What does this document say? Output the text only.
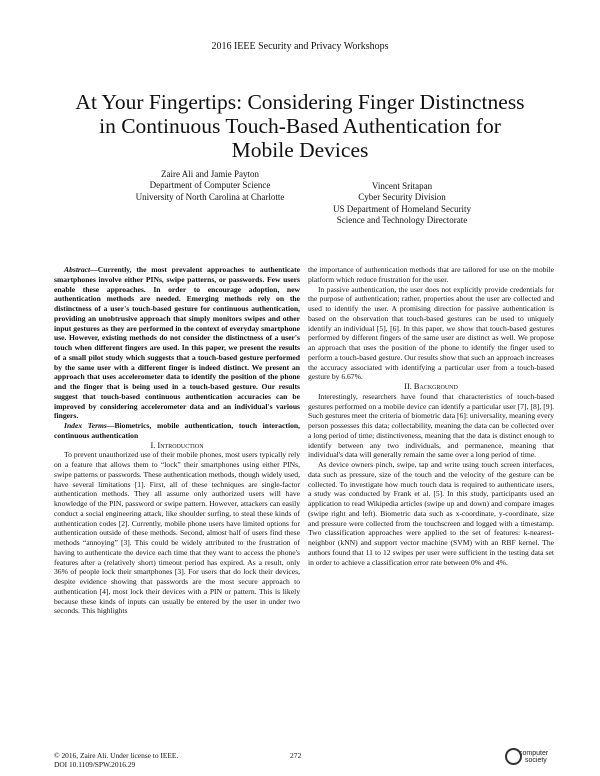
2016 IEEE Security and Privacy Workshops
At Your Fingertips: Considering Finger Distinctness
in Continuous Touch-Based Authentication for
Mobile Devices
Zaire Ali and Jamie Payton
Department of Computer Science
University of North Carolina at Charlotte
Vincent Sritapan
Cyber Security Division
US Department of Homeland Security
Science and Technology Directorate

Abstract—Currently, the most prevalent approaches to authenticate smartphones involve either PINs, swipe patterns, or passwords. Few users enable these approaches. In order to encourage adoption, new authentication methods are needed. Emerging methods rely on the distinctness of a user's touch-based gesture for continuous authentication, providing an unobtrusive approach that simply monitors swipes and other input gestures as they are performed in the context of everyday smartphone use. However, existing methods do not consider the distinctness of a user's touch when different fingers are used. In this paper, we present the results of a small pilot study which suggests that a touch-based gesture performed by the same user with a different finger is indeed distinct. We present an approach that uses accelerometer data to identify the position of the phone and the finger that is being used in a touch-based gesture. Our results suggest that touch-based continuous authentication accuracies can be improved by considering accelerometer data and an individual's various fingers.

Index Terms—Biometrics, mobile authentication, touch interaction, continuous authentication

I. Introduction

To prevent unauthorized use of their mobile phones, most users typically rely on a feature that allows them to “lock” their smartphones using either PINs, swipe patterns or passwords. These authentication methods, though widely used, have several limitations [1]. First, all of these techniques are single-factor authentication methods. They all assume only authorized users will have knowledge of the PIN, password or swipe pattern. However, attackers can easily conduct a social engineering attack, like shoulder surfing, to steal these kinds of authentication codes [2]. Currently, mobile phone users have limited options for authentication outside of these methods. Second, almost half of users find these methods “annoying” [3]. This could be widely attributed to the frustration of having to authenticate the device each time that they want to access the phone's features after a (relatively short) timeout period has expired. As a result, only 36% of people lock their smartphones [3]. For users that do lock their devices, despite evidence showing that passwords are the most secure approach to authentication [4], most lock their devices with a PIN or pattern. This is likely because these kinds of inputs can usually be entered by the user in under two seconds. This highlights

the importance of authentication methods that are tailored for use on the mobile platform which reduce frustration for the user.

In passive authentication, the user does not explicitly provide credentials for the purpose of authentication; rather, properties about the user are collected and used to identify the user. A promising direction for passive authentication is based on the observation that touch-based gestures can be used to uniquely identify an individual [5], [6]. In this paper, we show that touch-based gestures performed by different fingers of the same user are distinct as well. We propose an approach that uses the position of the phone to identify the finger used to perform a touch-based gesture. Our results show that such an approach increases the accuracy associated with identifying a particular user from a touch-based gesture by 6.67%.

II. Background

Interestingly, researchers have found that characteristics of touch-based gestures performed on a mobile device can identify a particular user [7], [8], [9]. Such gestures meet the criteria of biometric data [6]: universality, meaning every person possesses this data; collectability, meaning the data can be collected over a long period of time; distinctiveness, meaning that the data is distinct enough to identify between any two individuals, and permanence, meaning that individual's data will generally remain the same over a long period of time.

As device owners pinch, swipe, tap and write using touch screen interfaces, data such as pressure, size of the touch and the velocity of the gesture can be collected. To investigate how much touch data is required to authenticate users, a study was conducted by Frank et al. [5]. In this study, participants used an application to read Wikipedia articles (swipe up and down) and compare images (swipe right and left). Biometric data such as x-coordinate, y-coordinate, size and pressure were collected from the touchscreen and logged with a timestamp. Two classification approaches were applied to the set of features: k-nearest-neighbor (kNN) and support vector machine (SVM) with an RBF kernel. The authors found that 11 to 12 swipes per user were sufficient in the testing data set in order to achieve a classification error rate between 0% and 4%.

© 2016, Zaire Ali. Under license to IEEE.
DOI 10.1109/SPW.2016.29
272	computer
society
